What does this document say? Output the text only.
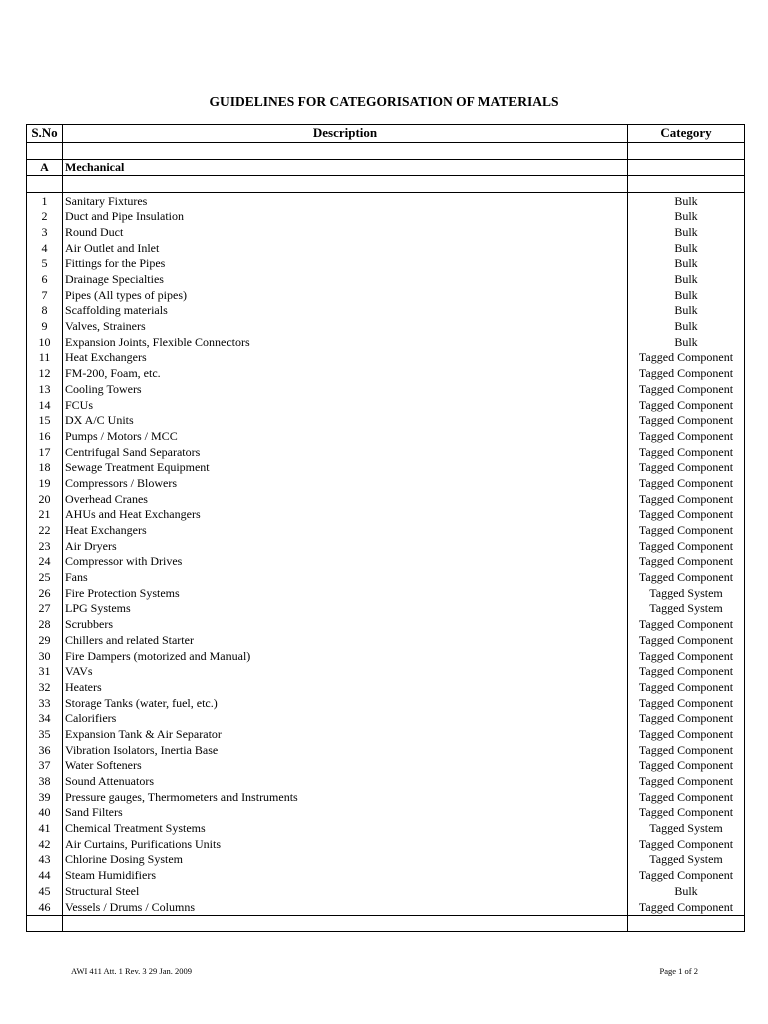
GUIDELINES FOR CATEGORISATION OF MATERIALS
S.No	Description	Category

A	Mechanical	

1	Sanitary Fixtures	Bulk
2	Duct and Pipe Insulation	Bulk
3	Round Duct	Bulk
4	Air Outlet and Inlet	Bulk
5	Fittings for the Pipes	Bulk
6	Drainage Specialties	Bulk
7	Pipes (All types of pipes)	Bulk
8	Scaffolding materials	Bulk
9	Valves, Strainers	Bulk
10	Expansion Joints, Flexible Connectors	Bulk
11	Heat Exchangers	Tagged Component
12	FM-200, Foam, etc.	Tagged Component
13	Cooling Towers	Tagged Component
14	FCUs	Tagged Component
15	DX A/C Units	Tagged Component
16	Pumps / Motors / MCC	Tagged Component
17	Centrifugal Sand Separators	Tagged Component
18	Sewage Treatment Equipment	Tagged Component
19	Compressors / Blowers	Tagged Component
20	Overhead Cranes	Tagged Component
21	AHUs and Heat Exchangers	Tagged Component
22	Heat Exchangers	Tagged Component
23	Air Dryers	Tagged Component
24	Compressor with Drives	Tagged Component
25	Fans	Tagged Component
26	Fire Protection Systems	Tagged System
27	LPG Systems	Tagged System
28	Scrubbers	Tagged Component
29	Chillers and related Starter	Tagged Component
30	Fire Dampers (motorized and Manual)	Tagged Component
31	VAVs	Tagged Component
32	Heaters	Tagged Component
33	Storage Tanks (water, fuel, etc.)	Tagged Component
34	Calorifiers	Tagged Component
35	Expansion Tank & Air Separator	Tagged Component
36	Vibration Isolators, Inertia Base	Tagged Component
37	Water Softeners	Tagged Component
38	Sound Attenuators	Tagged Component
39	Pressure gauges, Thermometers and Instruments	Tagged Component
40	Sand Filters	Tagged Component
41	Chemical Treatment Systems	Tagged System
42	Air Curtains, Purifications Units	Tagged Component
43	Chlorine Dosing System	Tagged System
44	Steam Humidifiers	Tagged Component
45	Structural Steel	Bulk
46	Vessels / Drums / Columns	Tagged Component

AWI 411 Att. 1 Rev. 3 29 Jan. 2009	Page 1 of 2
